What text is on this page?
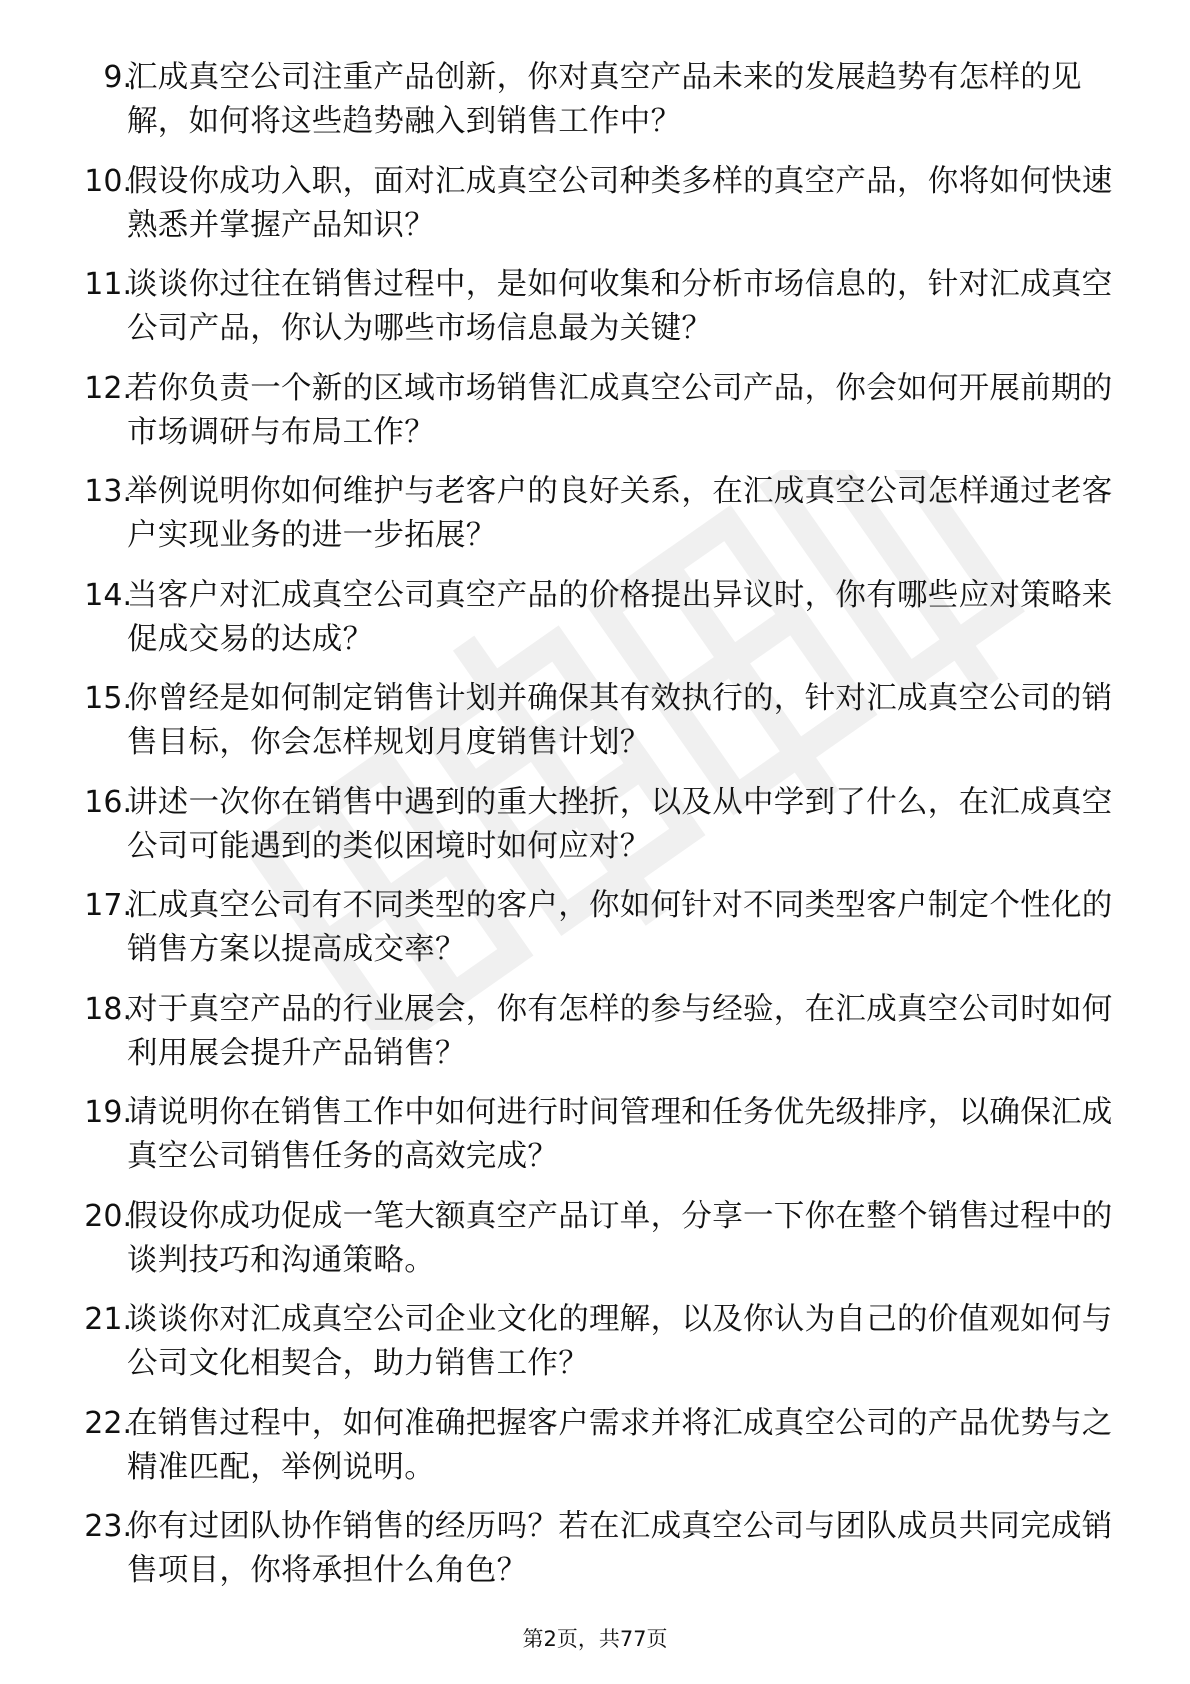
9.
汇成真空公司注重产品创新，你对真空产品未来的发展趋势有怎样的见解，如何将这些趋势融入到销售工作中？
10.
假设你成功入职，面对汇成真空公司种类多样的真空产品，你将如何快速熟悉并掌握产品知识？
11.
谈谈你过往在销售过程中，是如何收集和分析市场信息的，针对汇成真空公司产品，你认为哪些市场信息最为关键？
12.
若你负责一个新的区域市场销售汇成真空公司产品，你会如何开展前期的市场调研与布局工作？
13.
举例说明你如何维护与老客户的良好关系，在汇成真空公司怎样通过老客户实现业务的进一步拓展？
14.
当客户对汇成真空公司真空产品的价格提出异议时，你有哪些应对策略来促成交易的达成？
15.
你曾经是如何制定销售计划并确保其有效执行的，针对汇成真空公司的销售目标，你会怎样规划月度销售计划？
16.
讲述一次你在销售中遇到的重大挫折，以及从中学到了什么，在汇成真空公司可能遇到的类似困境时如何应对？
17.
汇成真空公司有不同类型的客户，你如何针对不同类型客户制定个性化的销售方案以提高成交率？
18.
对于真空产品的行业展会，你有怎样的参与经验，在汇成真空公司时如何利用展会提升产品销售？
19.
请说明你在销售工作中如何进行时间管理和任务优先级排序，以确保汇成真空公司销售任务的高效完成？
20.
假设你成功促成一笔大额真空产品订单，分享一下你在整个销售过程中的谈判技巧和沟通策略。
21.
谈谈你对汇成真空公司企业文化的理解，以及你认为自己的价值观如何与公司文化相契合，助力销售工作？
22.
在销售过程中，如何准确把握客户需求并将汇成真空公司的产品优势与之精准匹配，举例说明。
23.
你有过团队协作销售的经历吗？若在汇成真空公司与团队成员共同完成销售项目，你将承担什么角色？
第2页，共77页
